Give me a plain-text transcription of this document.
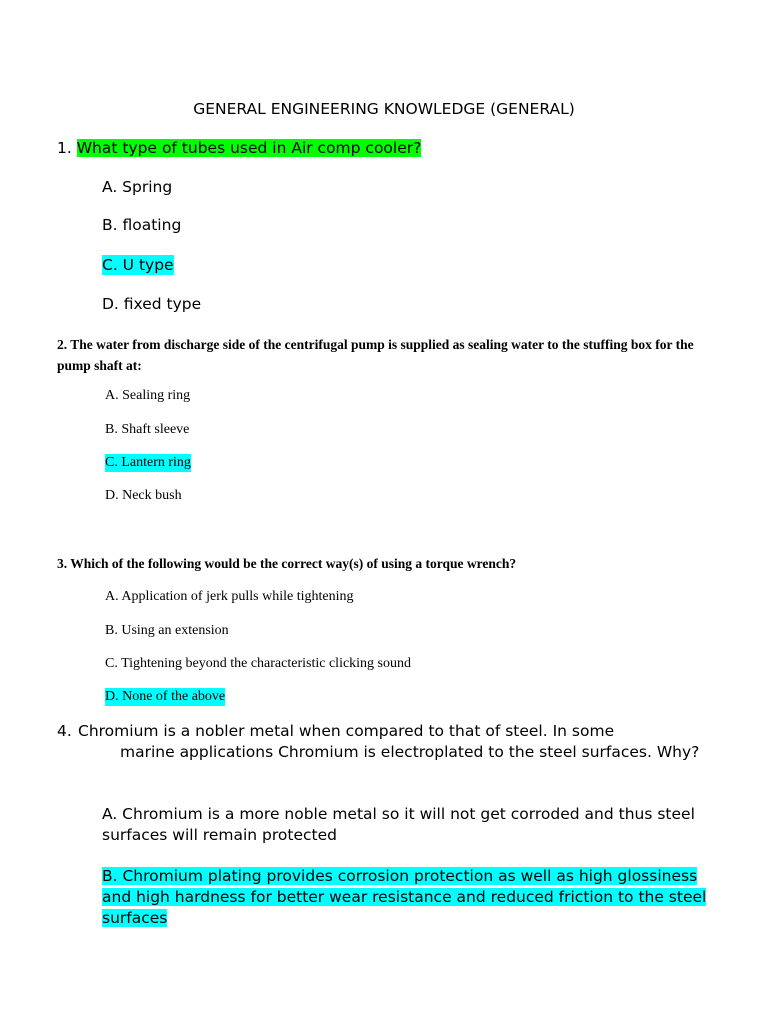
GENERAL ENGINEERING KNOWLEDGE (GENERAL)
1. What type of tubes used in Air comp cooler?
A. Spring
B. floating
C. U type
D. fixed type
2. The water from discharge side of the centrifugal pump is supplied as sealing water to the stuffing box for the pump shaft at:
A. Sealing ring
B. Shaft sleeve
C. Lantern ring
D. Neck bush
3. Which of the following would be the correct way(s) of using a torque wrench?
A. Application of jerk pulls while tightening
B. Using an extension
C. Tightening beyond the characteristic clicking sound
D. None of the above
4. Chromium is a nobler metal when compared to that of steel. In some
marine applications Chromium is electroplated to the steel surfaces. Why?
A. Chromium is a more noble metal so it will not get corroded and thus steel surfaces will remain protected
B. Chromium plating provides corrosion protection as well as high glossiness and high hardness for better wear resistance and reduced friction to the steel surfaces
